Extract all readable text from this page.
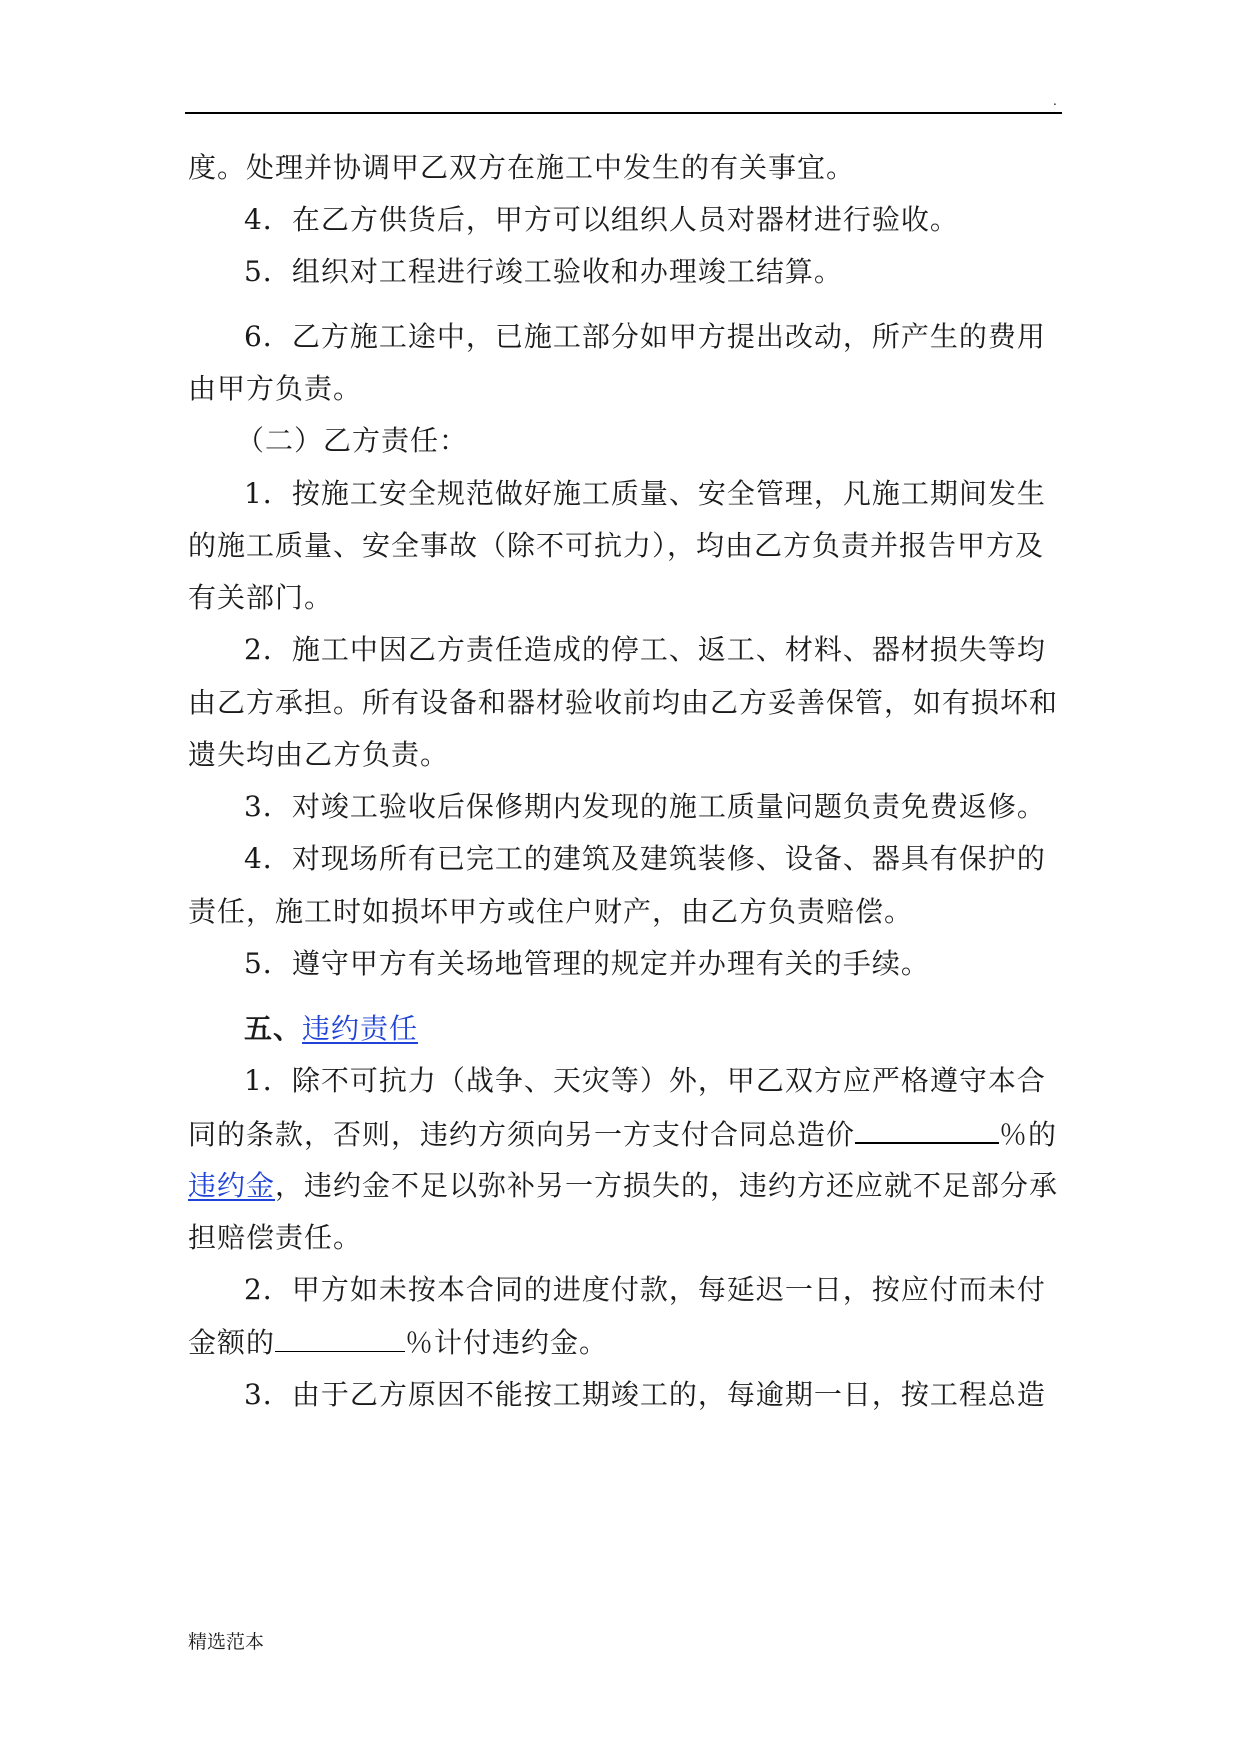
.
度。处理并协调甲乙双方在施工中发生的有关事宜。
4．在乙方供货后，甲方可以组织人员对器材进行验收。
5．组织对工程进行竣工验收和办理竣工结算。
6．乙方施工途中，已施工部分如甲方提出改动，所产生的费用
由甲方负责。
（二）乙方责任：
1．按施工安全规范做好施工质量、安全管理，凡施工期间发生
的施工质量、安全事故（除不可抗力），均由乙方负责并报告甲方及
有关部门。
2．施工中因乙方责任造成的停工、返工、材料、器材损失等均
由乙方承担。所有设备和器材验收前均由乙方妥善保管，如有损坏和
遗失均由乙方负责。
3．对竣工验收后保修期内发现的施工质量问题负责免费返修。
4．对现场所有已完工的建筑及建筑装修、设备、器具有保护的
责任，施工时如损坏甲方或住户财产，由乙方负责赔偿。
5．遵守甲方有关场地管理的规定并办理有关的手续。
五、违约责任
1．除不可抗力（战争、天灾等）外，甲乙双方应严格遵守本合
同的条款，否则，违约方须向另一方支付合同总造价	％的
违约金，违约金不足以弥补另一方损失的，违约方还应就不足部分承
担赔偿责任。
2．甲方如未按本合同的进度付款，每延迟一日，按应付而未付
金额的	％计付违约金。
3．由于乙方原因不能按工期竣工的，每逾期一日，按工程总造
精选范本
